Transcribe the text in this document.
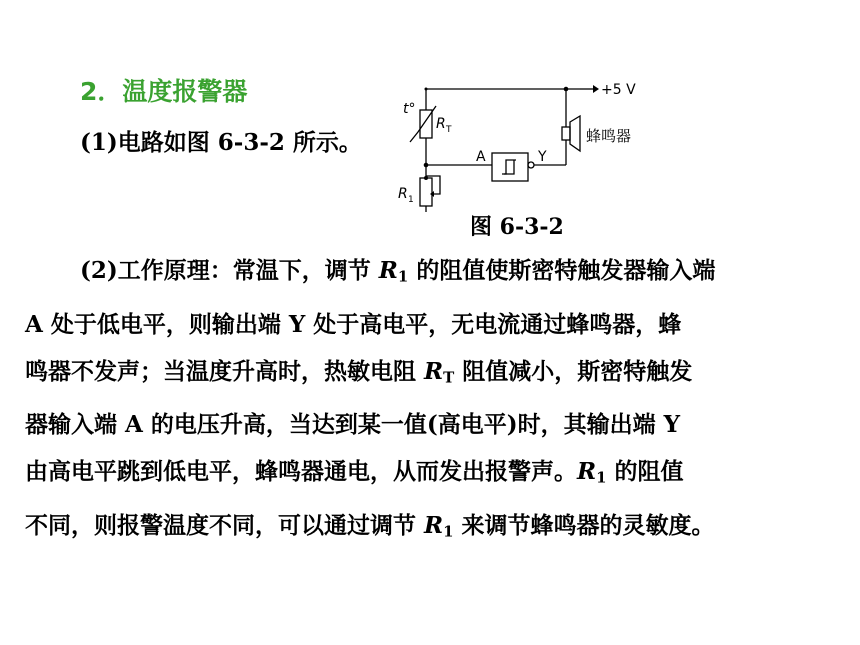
2．温度报警器
(1)电路如图 6-3-2 所示。
+5 V
t°
R T
R 1
A	Y
蜂鸣器
图 6-3-2
(2)工作原理：常温下，调节 $R_1$ 的阻值使斯密特触发器输入端
A 处于低电平，则输出端 Y 处于高电平，无电流通过蜂鸣器，蜂
鸣器不发声；当温度升高时，热敏电阻 $R_T$ 阻值减小，斯密特触发
器输入端 A 的电压升高，当达到某一值(高电平)时，其输出端 Y
由高电平跳到低电平，蜂鸣器通电，从而发出报警声。$R_1$ 的阻值
不同，则报警温度不同，可以通过调节 $R_1$ 来调节蜂鸣器的灵敏度。
